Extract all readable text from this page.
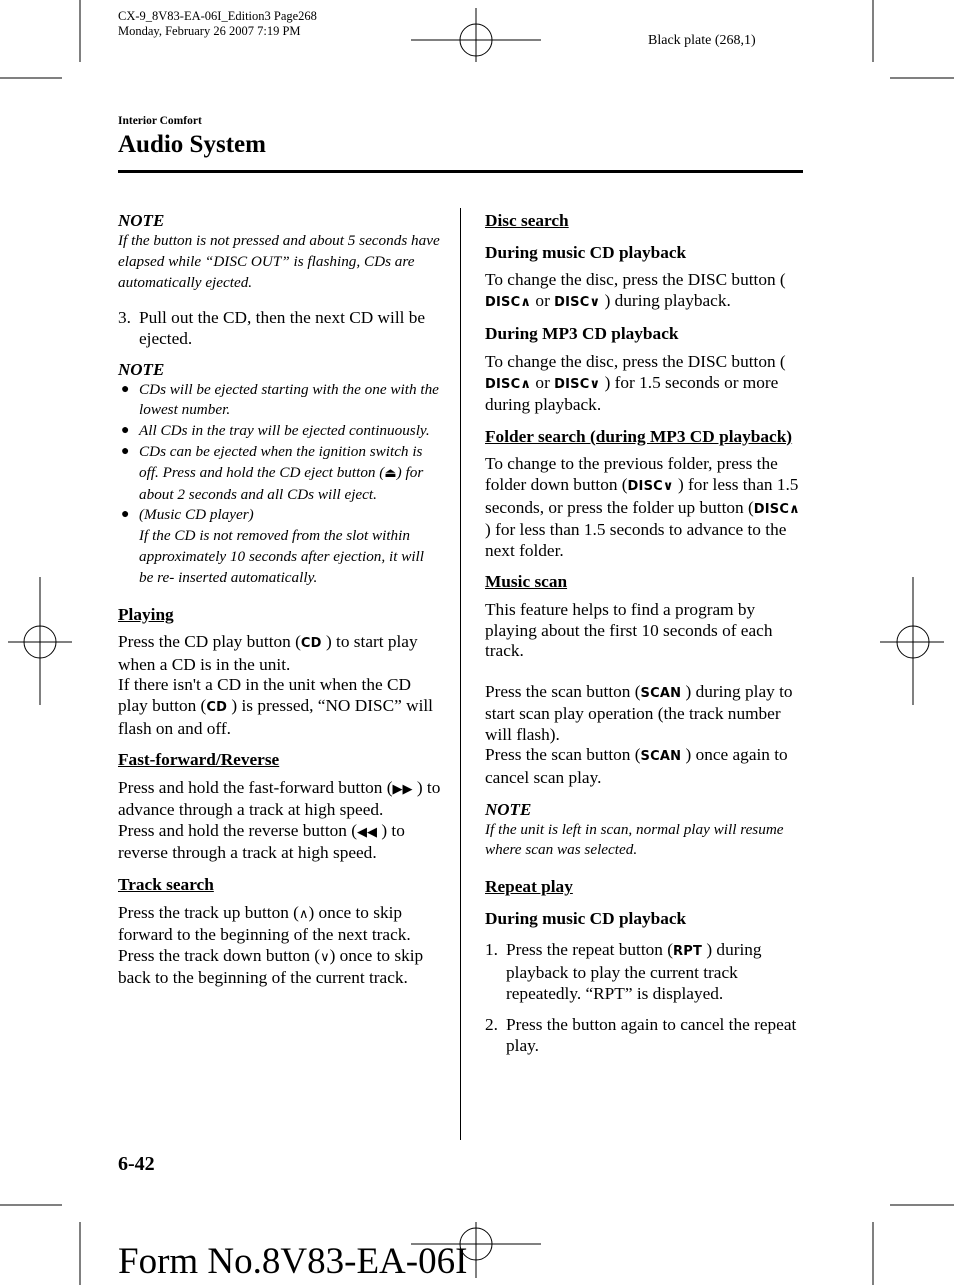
CX-9_8V83-EA-06I_Edition3 Page268
Monday, February 26 2007 7:19 PM
Black plate (268,1)
Interior Comfort
Audio System
NOTE
If the button is not pressed and about 5 seconds have elapsed while “DISC OUT” is flashing, CDs are automatically ejected.
3. Pull out the CD, then the next CD will be ejected.
NOTE
● CDs will be ejected starting with the one with the lowest number.
● All CDs in the tray will be ejected continuously.
● CDs can be ejected when the ignition switch is off. Press and hold the CD eject button (⏏) for about 2 seconds and all CDs will eject.
● (Music CD player)
If the CD is not removed from the slot within approximately 10 seconds after ejection, it will be re- inserted automatically.
Playing

Press the CD play button (CD ) to start play when a CD is in the unit.
If there isn't a CD in the unit when the CD play button (CD ) is pressed, “NO DISC” will flash on and off.

Fast-forward/Reverse

Press and hold the fast-forward button (▶▶ ) to advance through a track at high speed.
Press and hold the reverse button (◀◀ ) to reverse through a track at high speed.

Track search

Press the track up button (∧) once to skip forward to the beginning of the next track.
Press the track down button (∨) once to skip back to the beginning of the current track.

Disc search
During music CD playback

To change the disc, press the DISC button (DISC∧ or DISC∨ ) during playback.

During MP3 CD playback

To change the disc, press the DISC button (DISC∧ or DISC∨ ) for 1.5 seconds or more during playback.

Folder search (during MP3 CD playback)

To change to the previous folder, press the folder down button (DISC∨ ) for less than 1.5 seconds, or press the folder up button (DISC∧ ) for less than 1.5 seconds to advance to the next folder.

Music scan

This feature helps to find a program by playing about the first 10 seconds of each track.

Press the scan button (SCAN ) during play to start scan play operation (the track number will flash).
Press the scan button (SCAN ) once again to cancel scan play.

NOTE
If the unit is left in scan, normal play will resume where scan was selected.
Repeat play
During music CD playback
1. Press the repeat button (RPT ) during playback to play the current track repeatedly. “RPT” is displayed.
2. Press the button again to cancel the repeat play.
6-42
Form No.8V83-EA-06I
